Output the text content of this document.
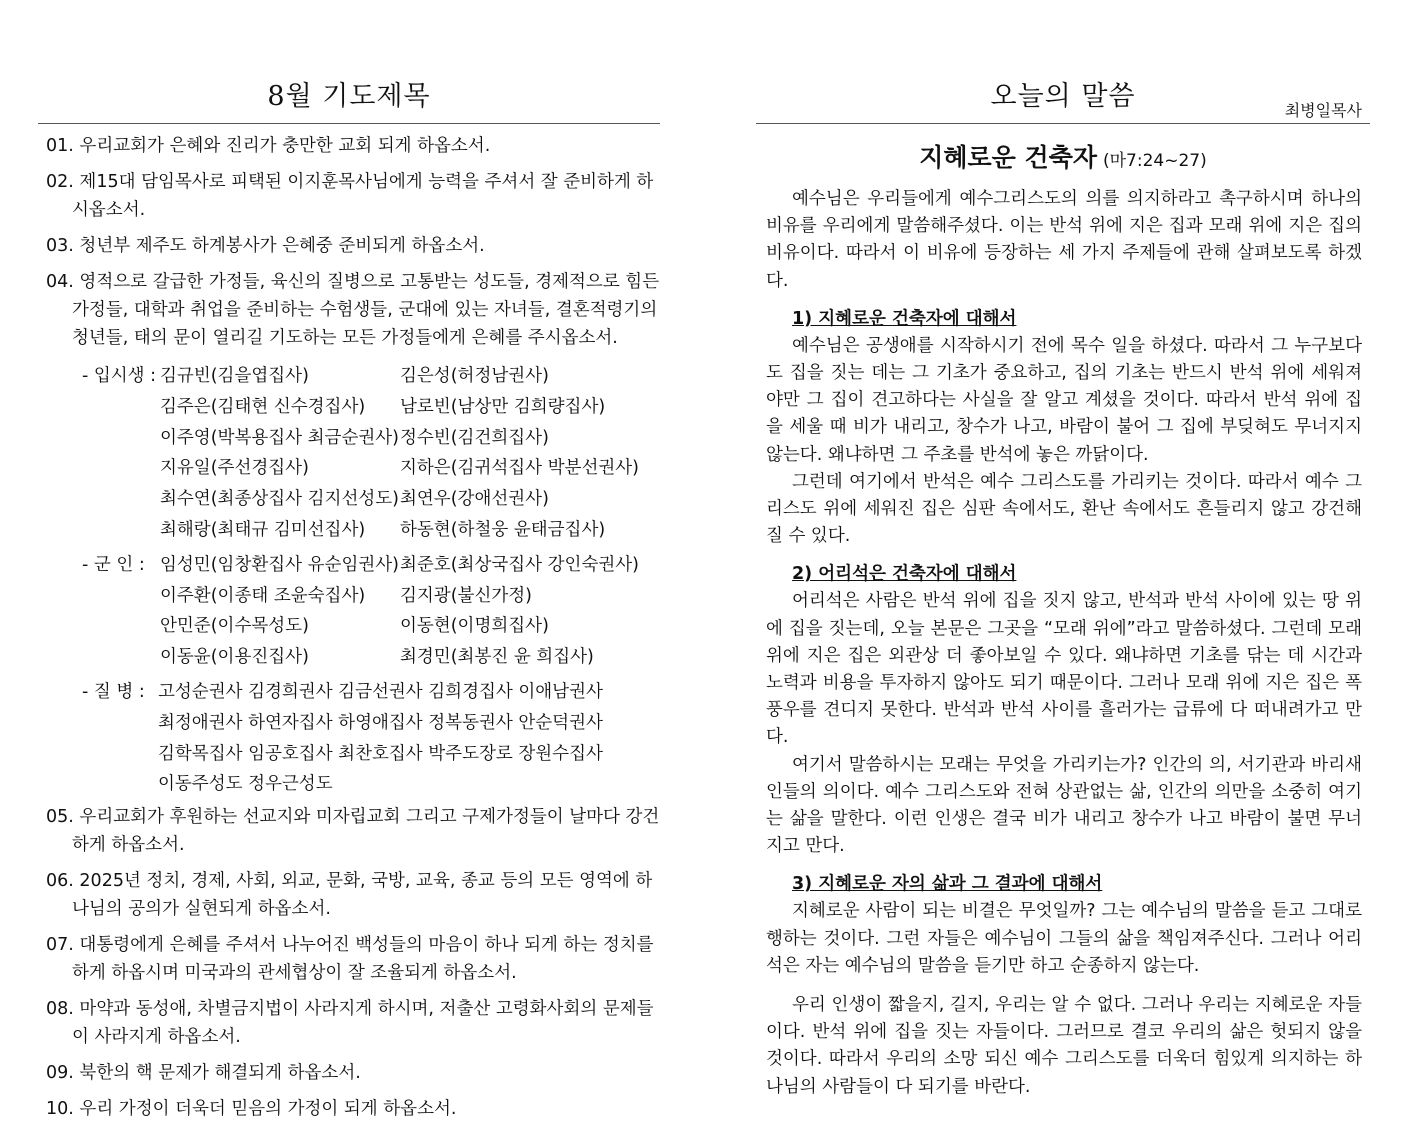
8월 기도제목
01. 우리교회가 은혜와 진리가 충만한 교회 되게 하옵소서.
02. 제15대 담임목사로 피택된 이지훈목사님에게 능력을 주셔서 잘 준비하게 하시옵소서.
03. 청년부 제주도 하계봉사가 은혜중 준비되게 하옵소서.
04. 영적으로 갈급한 가정들, 육신의 질병으로 고통받는 성도들, 경제적으로 힘든 가정들, 대학과 취업을 준비하는 수험생들, 군대에 있는 자녀들, 결혼적령기의 청년들, 태의 문이 열리길 기도하는 모든 가정들에게 은혜를 주시옵소서.
- 입시생 : 김규빈(김을엽집사)	김은성(허정남권사)
김주은(김태현 신수경집사) 남로빈(남상만 김희량집사)
이주영(박복용집사 최금순권사) 정수빈(김건희집사)
지유일(주선경집사)	지하은(김귀석집사 박분선권사)
최수연(최종상집사 김지선성도) 최연우(강애선권사)
최해랑(최태규 김미선집사) 하동현(하철웅 윤태금집사)
- 군 인 : 임성민(임창환집사 유순임권사) 최준호(최상국집사 강인숙권사)
이주환(이종태 조윤숙집사) 김지광(불신가정)
안민준(이수목성도)	이동현(이명희집사)
이동윤(이용진집사)	최경민(최봉진 윤 희집사)
- 질 병 : 고성순권사 김경희권사 김금선권사 김희경집사 이애남권사
최정애권사 하연자집사 하영애집사 정복동권사 안순덕권사
김학목집사 임공호집사 최찬호집사 박주도장로 장원수집사
이동주성도 정우근성도
05. 우리교회가 후원하는 선교지와 미자립교회 그리고 구제가정들이 날마다 강건하게 하옵소서.
06. 2025년 정치, 경제, 사회, 외교, 문화, 국방, 교육, 종교 등의 모든 영역에 하나님의 공의가 실현되게 하옵소서.
07. 대통령에게 은혜를 주셔서 나누어진 백성들의 마음이 하나 되게 하는 정치를 하게 하옵시며 미국과의 관세협상이 잘 조율되게 하옵소서.
08. 마약과 동성애, 차별금지법이 사라지게 하시며, 저출산 고령화사회의 문제들이 사라지게 하옵소서.
09. 북한의 핵 문제가 해결되게 하옵소서.
10. 우리 가정이 더욱더 믿음의 가정이 되게 하옵소서.
오늘의 말씀	최병일목사
지혜로운 건축자 (마7:24~27)

예수님은 우리들에게 예수그리스도의 의를 의지하라고 촉구하시며 하나의 비유를 우리에게 말씀해주셨다. 이는 반석 위에 지은 집과 모래 위에 지은 집의 비유이다. 따라서 이 비유에 등장하는 세 가지 주제들에 관해 살펴보도록 하겠다.

1) 지혜로운 건축자에 대해서

예수님은 공생애를 시작하시기 전에 목수 일을 하셨다. 따라서 그 누구보다도 집을 짓는 데는 그 기초가 중요하고, 집의 기초는 반드시 반석 위에 세워져야만 그 집이 견고하다는 사실을 잘 알고 계셨을 것이다. 따라서 반석 위에 집을 세울 때 비가 내리고, 창수가 나고, 바람이 불어 그 집에 부딪혀도 무너지지 않는다. 왜냐하면 그 주초를 반석에 놓은 까닭이다.

그런데 여기에서 반석은 예수 그리스도를 가리키는 것이다. 따라서 예수 그리스도 위에 세워진 집은 심판 속에서도, 환난 속에서도 흔들리지 않고 강건해질 수 있다.

2) 어리석은 건축자에 대해서

어리석은 사람은 반석 위에 집을 짓지 않고, 반석과 반석 사이에 있는 땅 위에 집을 짓는데, 오늘 본문은 그곳을 “모래 위에”라고 말씀하셨다. 그런데 모래 위에 지은 집은 외관상 더 좋아보일 수 있다. 왜냐하면 기초를 닦는 데 시간과 노력과 비용을 투자하지 않아도 되기 때문이다. 그러나 모래 위에 지은 집은 폭풍우를 견디지 못한다. 반석과 반석 사이를 흘러가는 급류에 다 떠내려가고 만다.

여기서 말씀하시는 모래는 무엇을 가리키는가? 인간의 의, 서기관과 바리새인들의 의이다. 예수 그리스도와 전혀 상관없는 삶, 인간의 의만을 소중히 여기는 삶을 말한다. 이런 인생은 결국 비가 내리고 창수가 나고 바람이 불면 무너지고 만다.

3) 지혜로운 자의 삶과 그 결과에 대해서

지혜로운 사람이 되는 비결은 무엇일까? 그는 예수님의 말씀을 듣고 그대로 행하는 것이다. 그런 자들은 예수님이 그들의 삶을 책임져주신다. 그러나 어리석은 자는 예수님의 말씀을 듣기만 하고 순종하지 않는다.

우리 인생이 짧을지, 길지, 우리는 알 수 없다. 그러나 우리는 지혜로운 자들이다. 반석 위에 집을 짓는 자들이다. 그러므로 결코 우리의 삶은 헛되지 않을 것이다. 따라서 우리의 소망 되신 예수 그리스도를 더욱더 힘있게 의지하는 하나님의 사람들이 다 되기를 바란다.
